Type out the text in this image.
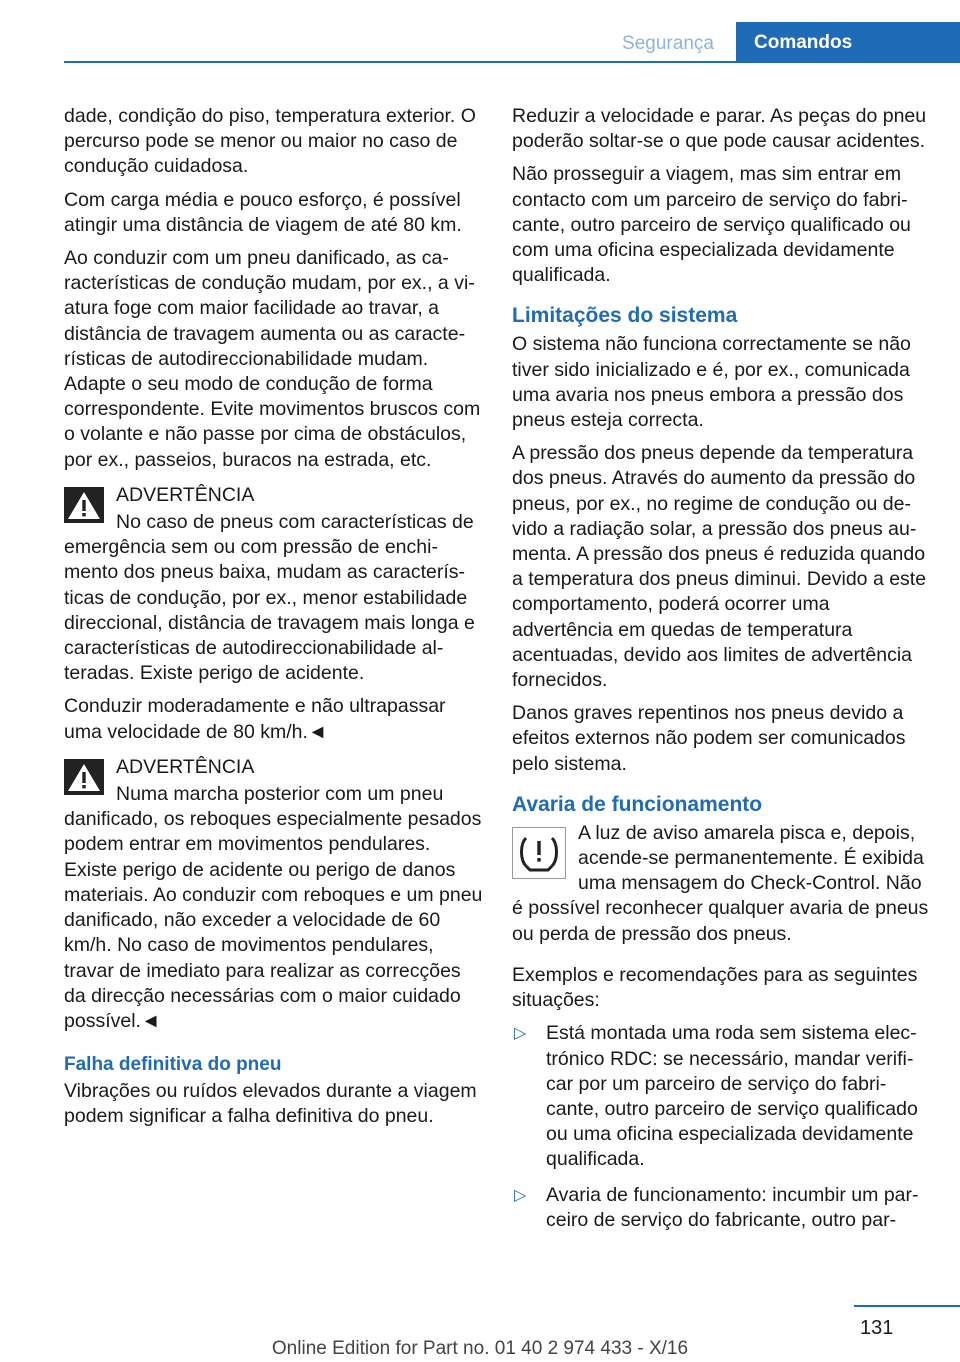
Segurança	Comandos

dade, condição do piso, temperatura exterior. O percurso pode se menor ou maior no caso de condução cuidadosa.

Com carga média e pouco esforço, é possível atingir uma distância de viagem de até 80 km.

Ao conduzir com um pneu danificado, as características de condução mudam, por ex., a viatura foge com maior facilidade ao travar, a distância de travagem aumenta ou as características de autodireccionabilidade mudam. Adapte o seu modo de condução de forma correspondente. Evite movimentos bruscos com o volante e não passe por cima de obstáculos, por ex., passeios, buracos na estrada, etc.

ADVERTÊNCIA

No caso de pneus com características de emergência sem ou com pressão de enchimento dos pneus baixa, mudam as características de condução, por ex., menor estabilidade direccional, distância de travagem mais longa e características de autodireccionabilidade alteradas. Existe perigo de acidente.

Conduzir moderadamente e não ultrapassar uma velocidade de 80 km/h.◄

ADVERTÊNCIA

Numa marcha posterior com um pneu danificado, os reboques especialmente pesados podem entrar em movimentos pendulares. Existe perigo de acidente ou perigo de danos materiais. Ao conduzir com reboques e um pneu danificado, não exceder a velocidade de 60 km/h. No caso de movimentos pendulares, travar de imediato para realizar as correcções da direcção necessárias com o maior cuidado possível.◄

Falha definitiva do pneu

Vibrações ou ruídos elevados durante a viagem podem significar a falha definitiva do pneu.

Reduzir a velocidade e parar. As peças do pneu poderão soltar-se o que pode causar acidentes.

Não prosseguir a viagem, mas sim entrar em contacto com um parceiro de serviço do fabricante, outro parceiro de serviço qualificado ou com uma oficina especializada devidamente qualificada.

Limitações do sistema

O sistema não funciona correctamente se não tiver sido inicializado e é, por ex., comunicada uma avaria nos pneus embora a pressão dos pneus esteja correcta.

A pressão dos pneus depende da temperatura dos pneus. Através do aumento da pressão do pneus, por ex., no regime de condução ou devido a radiação solar, a pressão dos pneus aumenta. A pressão dos pneus é reduzida quando a temperatura dos pneus diminui. Devido a este comportamento, poderá ocorrer uma advertência em quedas de temperatura acentuadas, devido aos limites de advertência fornecidos.

Danos graves repentinos nos pneus devido a efeitos externos não podem ser comunicados pelo sistema.

Avaria de funcionamento

A luz de aviso amarela pisca e, depois, acende-se permanentemente. É exibida uma mensagem do Check-Control. Não é possível reconhecer qualquer avaria de pneus ou perda de pressão dos pneus.

Exemplos e recomendações para as seguintes situações:

▷ Está montada uma roda sem sistema electrónico RDC: se necessário, mandar verificar por um parceiro de serviço do fabricante, outro parceiro de serviço qualificado ou uma oficina especializada devidamente qualificada.
▷ Avaria de funcionamento: incumbir um parceiro de serviço do fabricante, outro par-
131
Online Edition for Part no. 01 40 2 974 433 - X/16
